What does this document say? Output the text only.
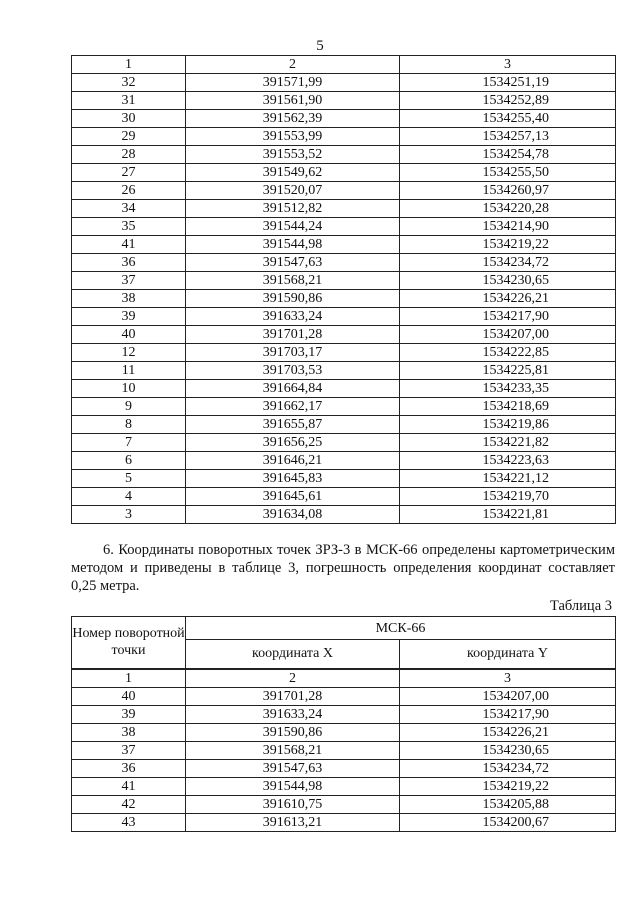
5
1	2	3
32	391571,99	1534251,19
31	391561,90	1534252,89
30	391562,39	1534255,40
29	391553,99	1534257,13
28	391553,52	1534254,78
27	391549,62	1534255,50
26	391520,07	1534260,97
34	391512,82	1534220,28
35	391544,24	1534214,90
41	391544,98	1534219,22
36	391547,63	1534234,72
37	391568,21	1534230,65
38	391590,86	1534226,21
39	391633,24	1534217,90
40	391701,28	1534207,00
12	391703,17	1534222,85
11	391703,53	1534225,81
10	391664,84	1534233,35
9	391662,17	1534218,69
8	391655,87	1534219,86
7	391656,25	1534221,82
6	391646,21	1534223,63
5	391645,83	1534221,12
4	391645,61	1534219,70
3	391634,08	1534221,81
6. Координаты поворотных точек ЗРЗ-3 в МСК-66 определены картометрическим методом и приведены в таблице 3, погрешность определения координат составляет 0,25 метра.
Таблица 3
Номер поворотной точки	МСК-66	
	координата X	координата Y
1	2	3
40	391701,28	1534207,00
39	391633,24	1534217,90
38	391590,86	1534226,21
37	391568,21	1534230,65
36	391547,63	1534234,72
41	391544,98	1534219,22
42	391610,75	1534205,88
43	391613,21	1534200,67
